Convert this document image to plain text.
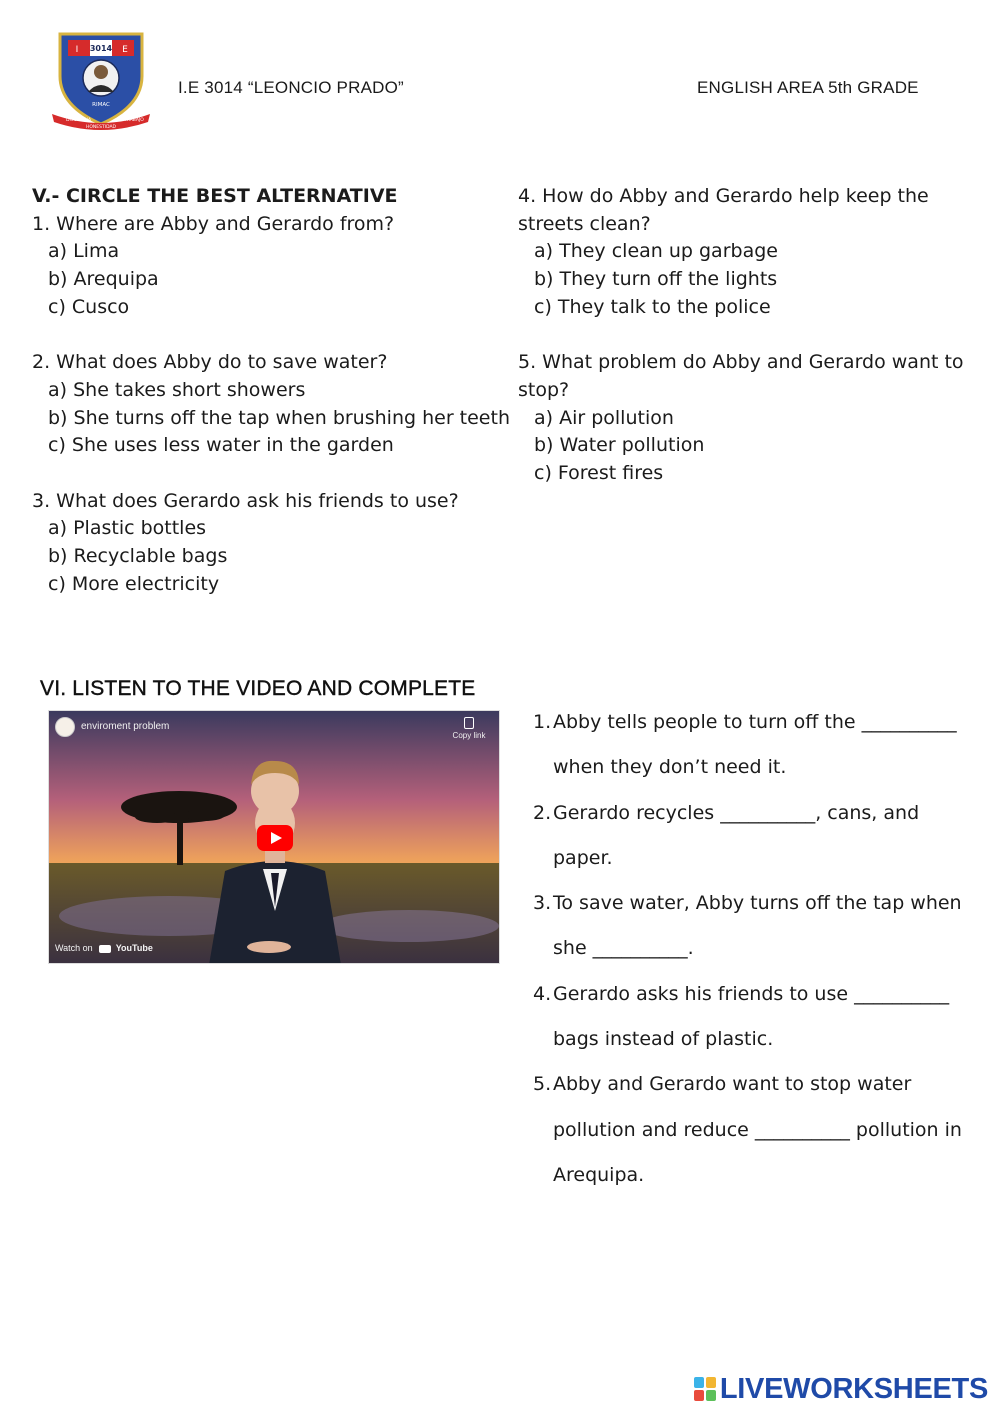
3014
I	E
RIMAC
DISCIPLINA
HONESTIDAD
TRABAJO
I.E 3014 “LEONCIO PRADO”	ENGLISH AREA 5th GRADE
V.- CIRCLE THE BEST ALTERNATIVE
1. Where are Abby and Gerardo from?
a) Lima
b) Arequipa
c) Cusco
2. What does Abby do to save water?
a) She takes short showers
b) She turns off the tap when brushing her teeth
c) She uses less water in the garden
3. What does Gerardo ask his friends to use?
a) Plastic bottles
b) Recyclable bags
c) More electricity
4. How do Abby and Gerardo help keep the streets clean?
a) They clean up garbage
b) They turn off the lights
c) They talk to the police
5. What problem do Abby and Gerardo want to stop?
a) Air pollution
b) Water pollution
c) Forest fires
VI. LISTEN TO THE VIDEO AND COMPLETE
enviroment problem
Copy link
Watch on	YouTube
1. Abby tells people to turn off the __________ when they don’t need it.
2. Gerardo recycles __________, cans, and paper.
3. To save water, Abby turns off the tap when she __________.
4. Gerardo asks his friends to use __________ bags instead of plastic.
5. Abby and Gerardo want to stop water pollution and reduce __________ pollution in Arequipa.
LIVEWORKSHEETS
